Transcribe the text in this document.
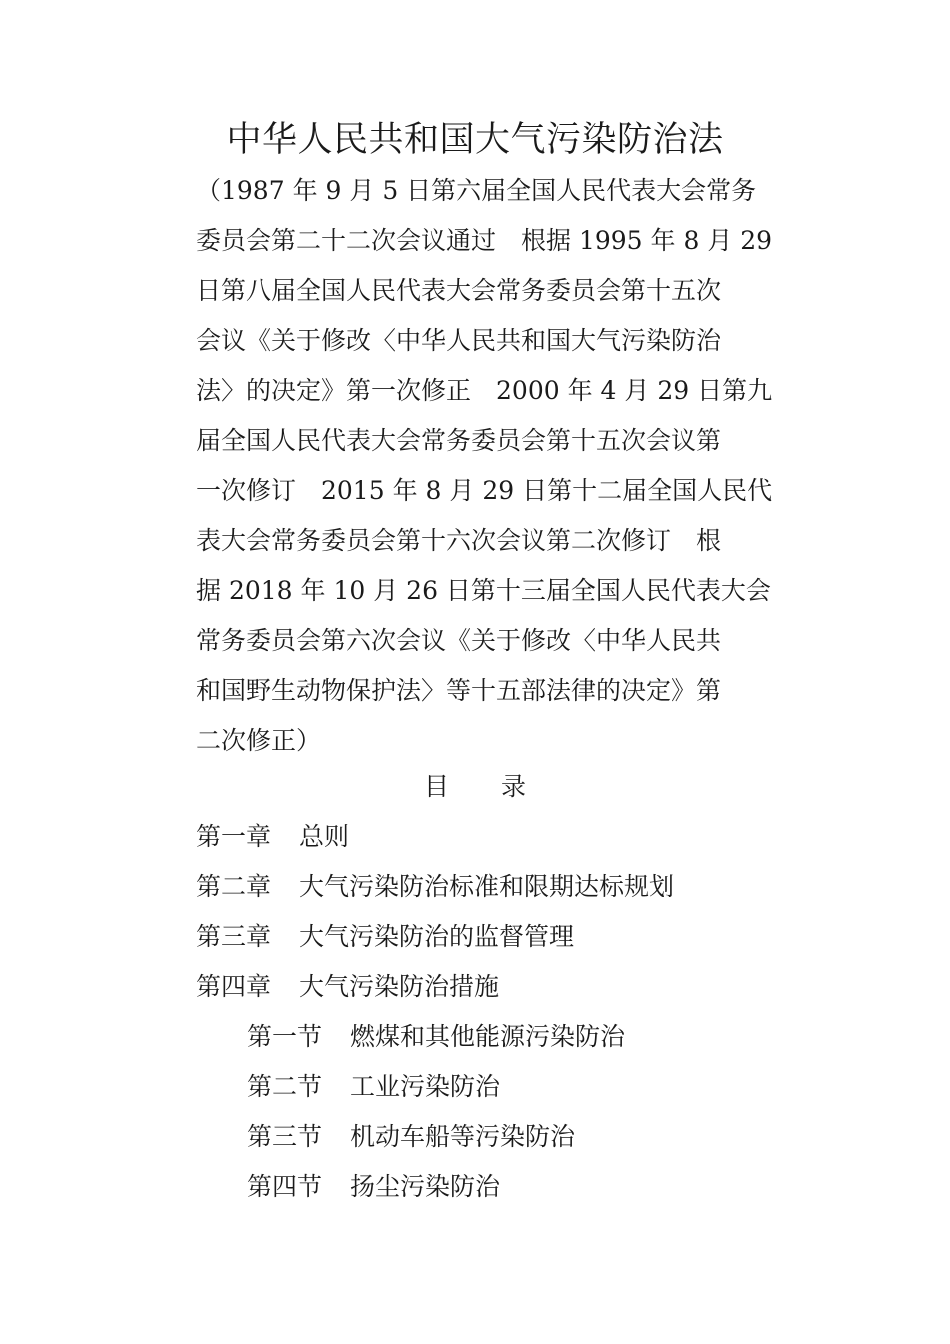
中华人民共和国大气污染防治法
（1987 年 9 月 5 日第六届全国人民代表大会常务
委员会第二十二次会议通过　根据 1995 年 8 月 29
日第八届全国人民代表大会常务委员会第十五次
会议《关于修改〈中华人民共和国大气污染防治
法〉的决定》第一次修正　2000 年 4 月 29 日第九
届全国人民代表大会常务委员会第十五次会议第
一次修订　2015 年 8 月 29 日第十二届全国人民代
表大会常务委员会第十六次会议第二次修订　根
据 2018 年 10 月 26 日第十三届全国人民代表大会
常务委员会第六次会议《关于修改〈中华人民共
和国野生动物保护法〉等十五部法律的决定》第
二次修正）
目 录
第一章 总则
第二章 大气污染防治标准和限期达标规划
第三章 大气污染防治的监督管理
第四章 大气污染防治措施
第一节 燃煤和其他能源污染防治
第二节 工业污染防治
第三节 机动车船等污染防治
第四节 扬尘污染防治
